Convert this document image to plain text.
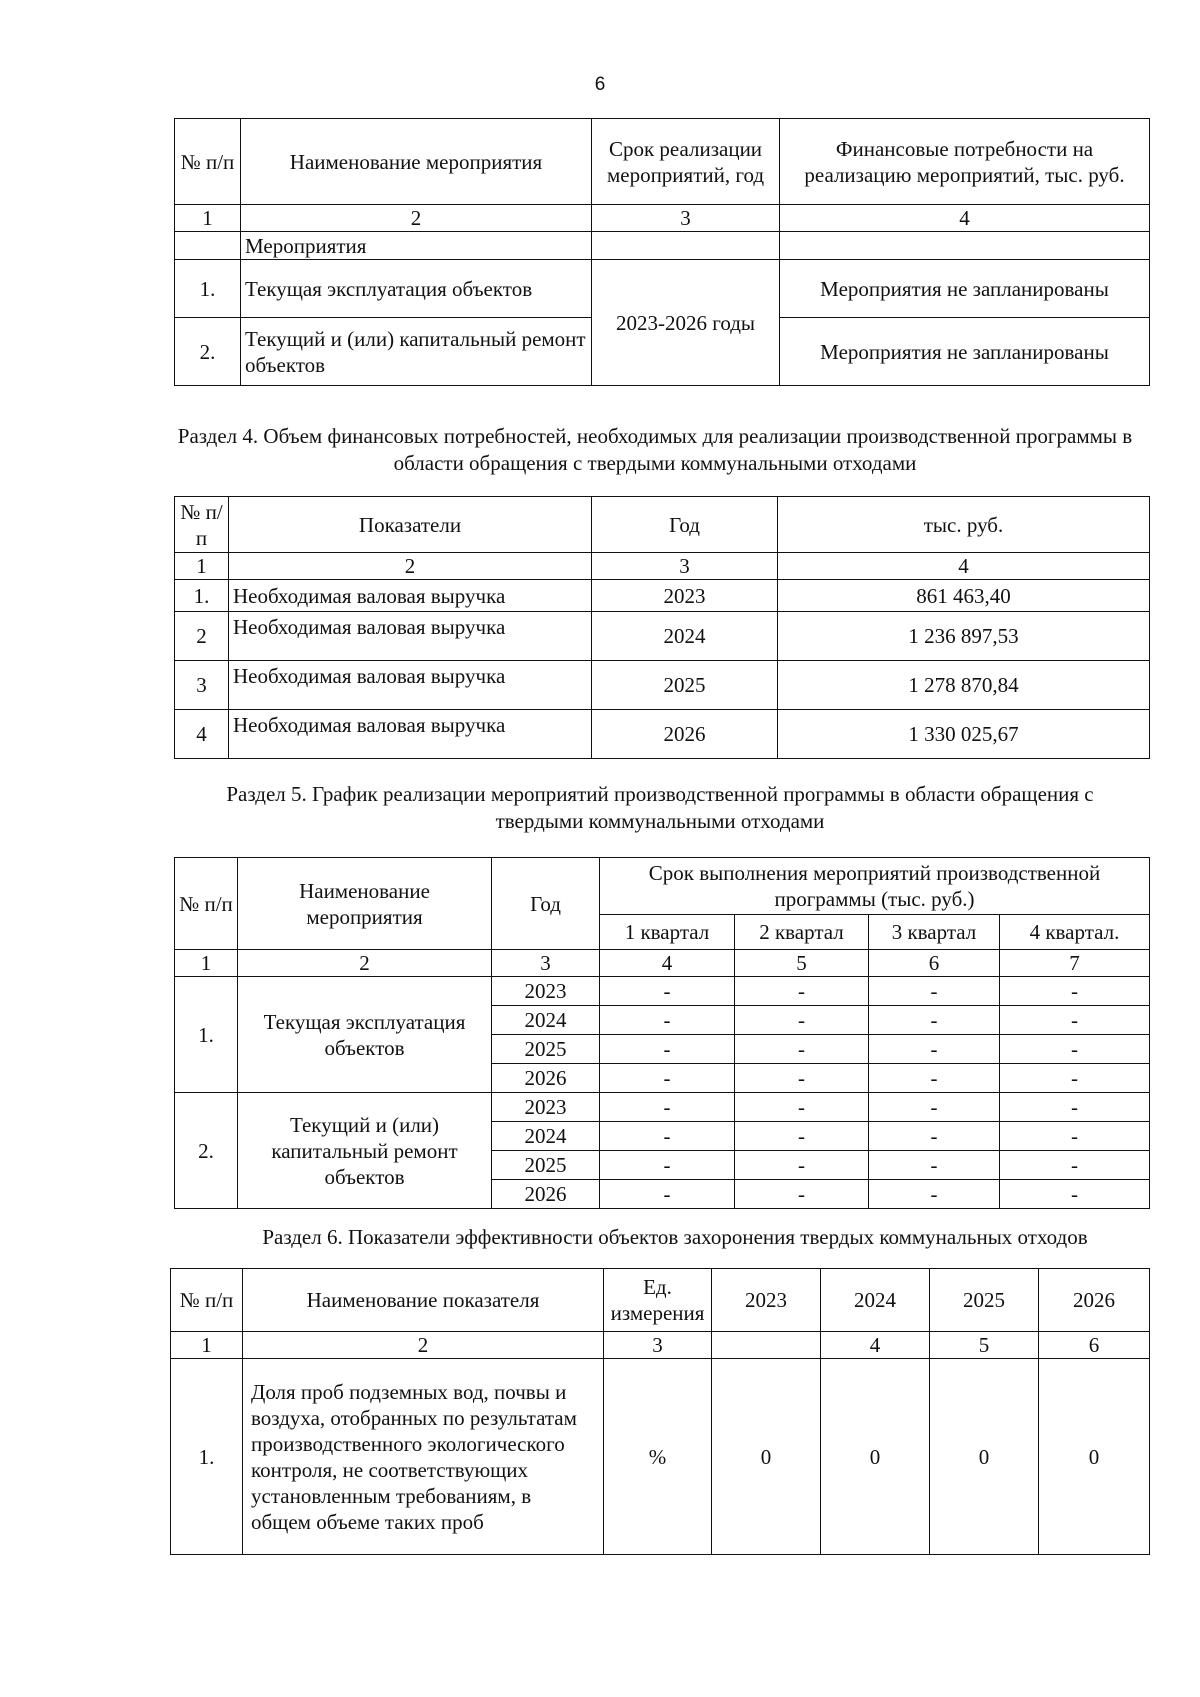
6
№ п/п	Наименование мероприятия	Срок реализации мероприятий, год	Финансовые потребности на реализацию мероприятий, тыс. руб.
1	2	3	4
	Мероприятия		
1.	Текущая эксплуатация объектов	2023-2026 годы	Мероприятия не запланированы
2.	Текущий и (или) капитальный ремонт объектов		Мероприятия не запланированы
Раздел 4. Объем финансовых потребностей, необходимых для реализации производственной программы в области обращения с твердыми коммунальными отходами
№ п/п	Показатели	Год	тыс. руб.
1	2	3	4
1.	Необходимая валовая выручка	2023	861 463,40
2	Необходимая валовая выручка	2024	1 236 897,53
3	Необходимая валовая выручка	2025	1 278 870,84
4	Необходимая валовая выручка	2026	1 330 025,67
Раздел 5. График реализации мероприятий производственной программы в области обращения с твердыми коммунальными отходами
№ п/п	Наименование мероприятия	Год	Срок выполнения мероприятий производственной программы (тыс. руб.)			
			1 квартал	2 квартал	3 квартал	4 квартал.
1	2	3	4	5	6	7
1.	Текущая эксплуатация объектов	2023	-	-	-	-
		2024	-	-	-	-
		2025	-	-	-	-
		2026	-	-	-	-
2.	Текущий и (или) капитальный ремонт объектов	2023	-	-	-	-
		2024	-	-	-	-
		2025	-	-	-	-
		2026	-	-	-	-
Раздел 6. Показатели эффективности объектов захоронения твердых коммунальных отходов
№ п/п	Наименование показателя	Ед. измерения	2023	2024	2025	2026
1	2	3		4	5	6
1.	Доля проб подземных вод, почвы и воздуха, отобранных по результатам производственного экологического контроля, не соответствующих установленным требованиям, в общем объеме таких проб	%	0	0	0	0
